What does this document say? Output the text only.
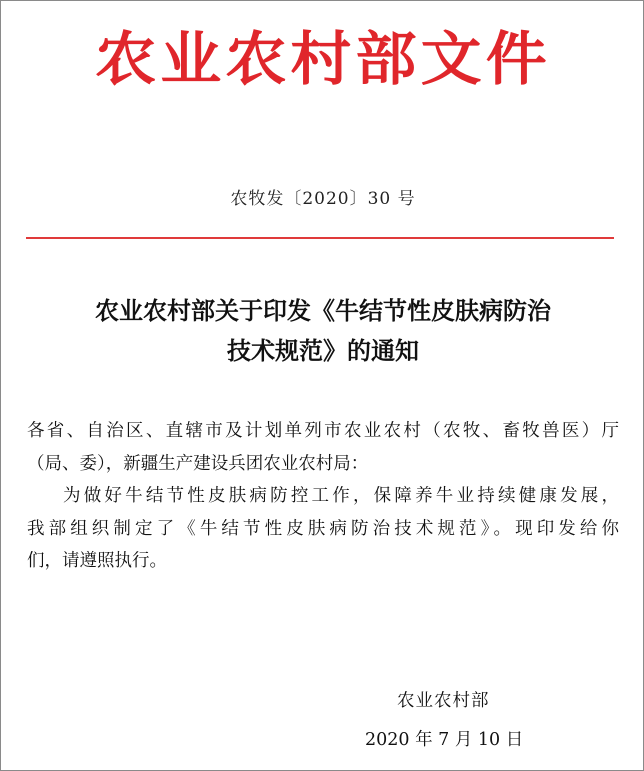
农业农村部文件
农牧发〔2020〕30 号
农业农村部关于印发《牛结节性皮肤病防治
技术规范》的通知
各省、自治区、直辖市及计划单列市农业农村（农牧、畜牧兽医）厅
（局、委），新疆生产建设兵团农业农村局：
为做好牛结节性皮肤病防控工作，保障养牛业持续健康发展，
我部组织制定了《牛结节性皮肤病防治技术规范》。现印发给你
们，请遵照执行。
农业农村部
2020 年 7 月 10 日
